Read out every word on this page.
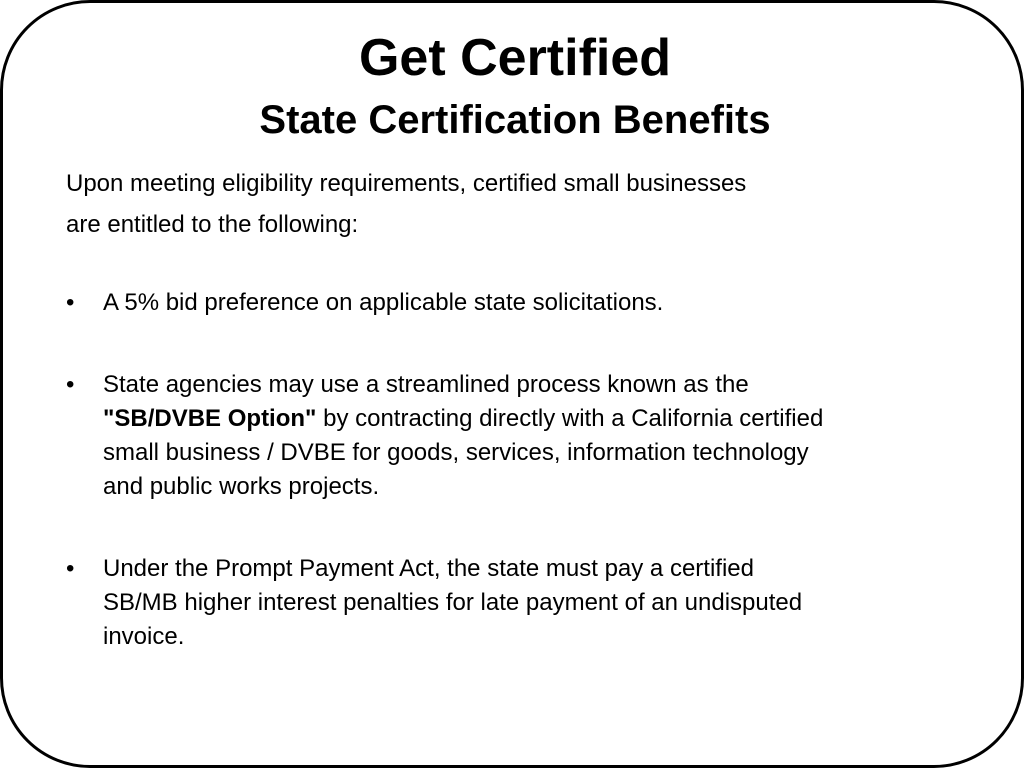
Get Certified
State Certification Benefits

Upon meeting eligibility requirements, certified small businesses
are entitled to the following:

• A 5% bid preference on applicable state solicitations.
• State agencies may use a streamlined process known as the
"SB/DVBE Option" by contracting directly with a California certified
small business / DVBE for goods, services, information technology
and public works projects.
• Under the Prompt Payment Act, the state must pay a certified
SB/MB higher interest penalties for late payment of an undisputed
invoice.
